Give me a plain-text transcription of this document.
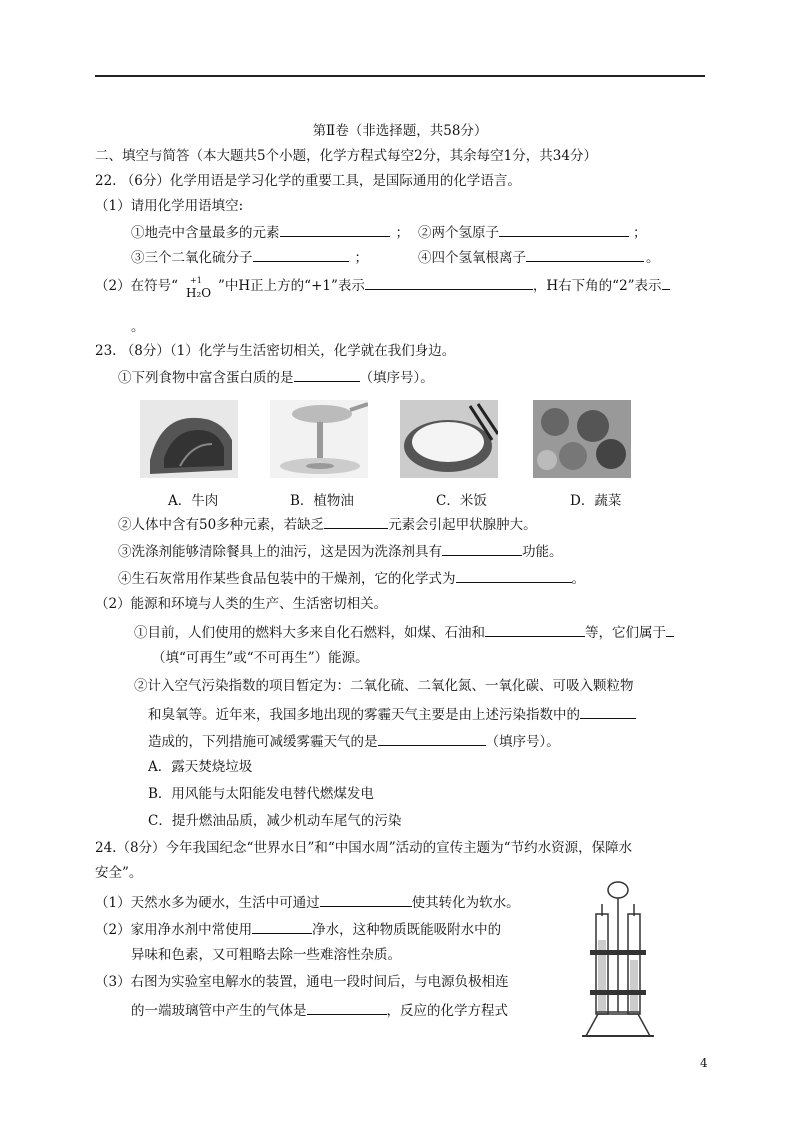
第Ⅱ卷（非选择题，共58分）
二、填空与简答（本大题共5个小题，化学方程式每空2分，其余每空1分，共34分）
22. （6分）化学用语是学习化学的重要工具，是国际通用的化学语言。
（1）请用化学用语填空:
①地壳中含量最多的元素	； ②两个氢原子	；
③三个二氧化硫分子	；	④四个氢氧根离子	。
（2）在符号“	”中H正上方的“+1”表示	，H右下角的“2”表示
+1
H₂O
。
23. （8分）（1）化学与生活密切相关，化学就在我们身边。
①下列食物中富含蛋白质的是	（填序号）。
A．牛肉	B．植物油	C．米饭	D．蔬菜
②人体中含有50多种元素，若缺乏	元素会引起甲状腺肿大。
③洗涤剂能够清除餐具上的油污，这是因为洗涤剂具有	功能。
④生石灰常用作某些食品包装中的干燥剂，它的化学式为	。
（2）能源和环境与人类的生产、生活密切相关。
①目前，人们使用的燃料大多来自化石燃料，如煤、石油和	等，它们属于
（填“可再生”或“不可再生”）能源。
②计入空气污染指数的项目暂定为：二氧化硫、二氧化氮、一氧化碳、可吸入颗粒物
和臭氧等。近年来，我国多地出现的雾霾天气主要是由上述污染指数中的
造成的，下列措施可减缓雾霾天气的是	（填序号）。
A．露天焚烧垃圾
B．用风能与太阳能发电替代燃煤发电
C．提升燃油品质，减少机动车尾气的污染
24.（8分）今年我国纪念“世界水日”和“中国水周”活动的宣传主题为“节约水资源，保障水
安全”。
（1）天然水多为硬水，生活中可通过	使其转化为软水。
（2）家用净水剂中常使用	净水，这种物质既能吸附水中的
异味和色素，又可粗略去除一些难溶性杂质。
（3）右图为实验室电解水的装置，通电一段时间后，与电源负极相连
的一端玻璃管中产生的气体是	，反应的化学方程式
4
